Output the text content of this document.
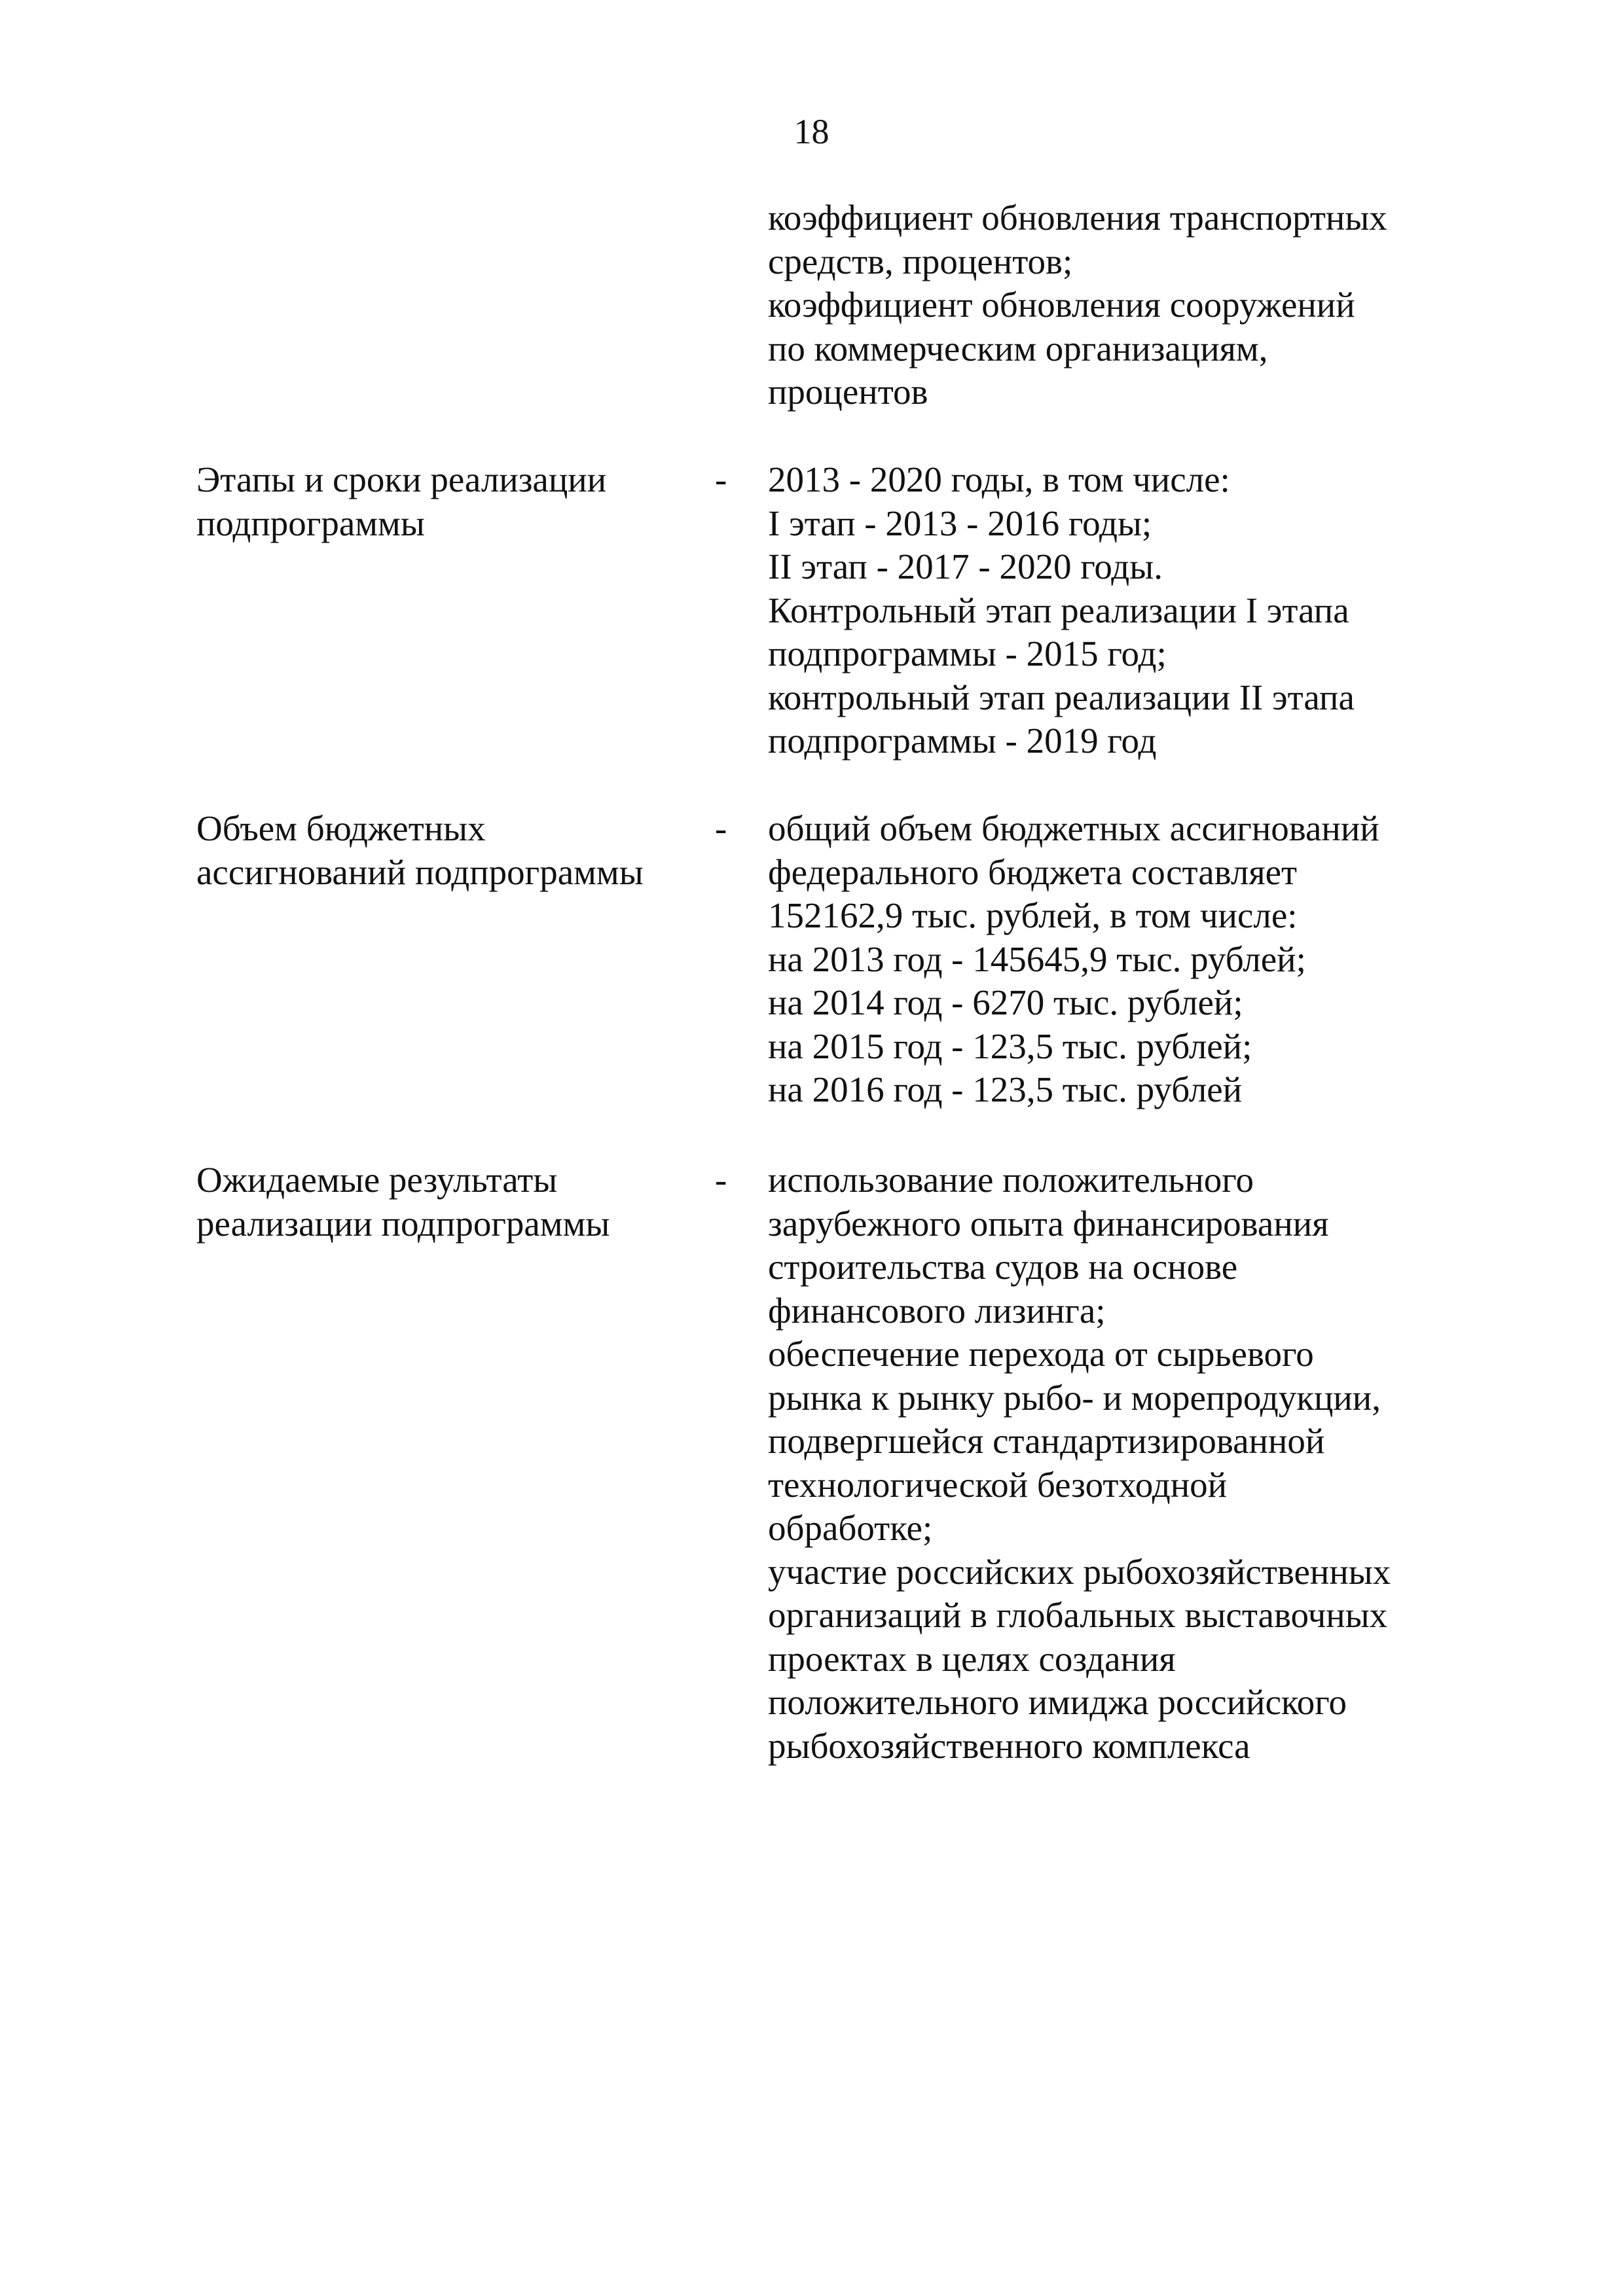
18
коэффициент обновления транспортных
средств, процентов;
коэффициент обновления сооружений
по коммерческим организациям,
процентов
Этапы и сроки реализации
подпрограммы
- 2013 - 2020 годы, в том числе:
I этап - 2013 - 2016 годы;
II этап - 2017 - 2020 годы.
Контрольный этап реализации I этапа
подпрограммы - 2015 год;
контрольный этап реализации II этапа
подпрограммы - 2019 год
Объем бюджетных
ассигнований подпрограммы
- общий объем бюджетных ассигнований
федерального бюджета составляет
152162,9 тыс. рублей, в том числе:
на 2013 год - 145645,9 тыс. рублей;
на 2014 год - 6270 тыс. рублей;
на 2015 год - 123,5 тыс. рублей;
на 2016 год - 123,5 тыс. рублей
Ожидаемые результаты
реализации подпрограммы
- использование положительного
зарубежного опыта финансирования
строительства судов на основе
финансового лизинга;
обеспечение перехода от сырьевого
рынка к рынку рыбо- и морепродукции,
подвергшейся стандартизированной
технологической безотходной
обработке;
участие российских рыбохозяйственных
организаций в глобальных выставочных
проектах в целях создания
положительного имиджа российского
рыбохозяйственного комплекса
